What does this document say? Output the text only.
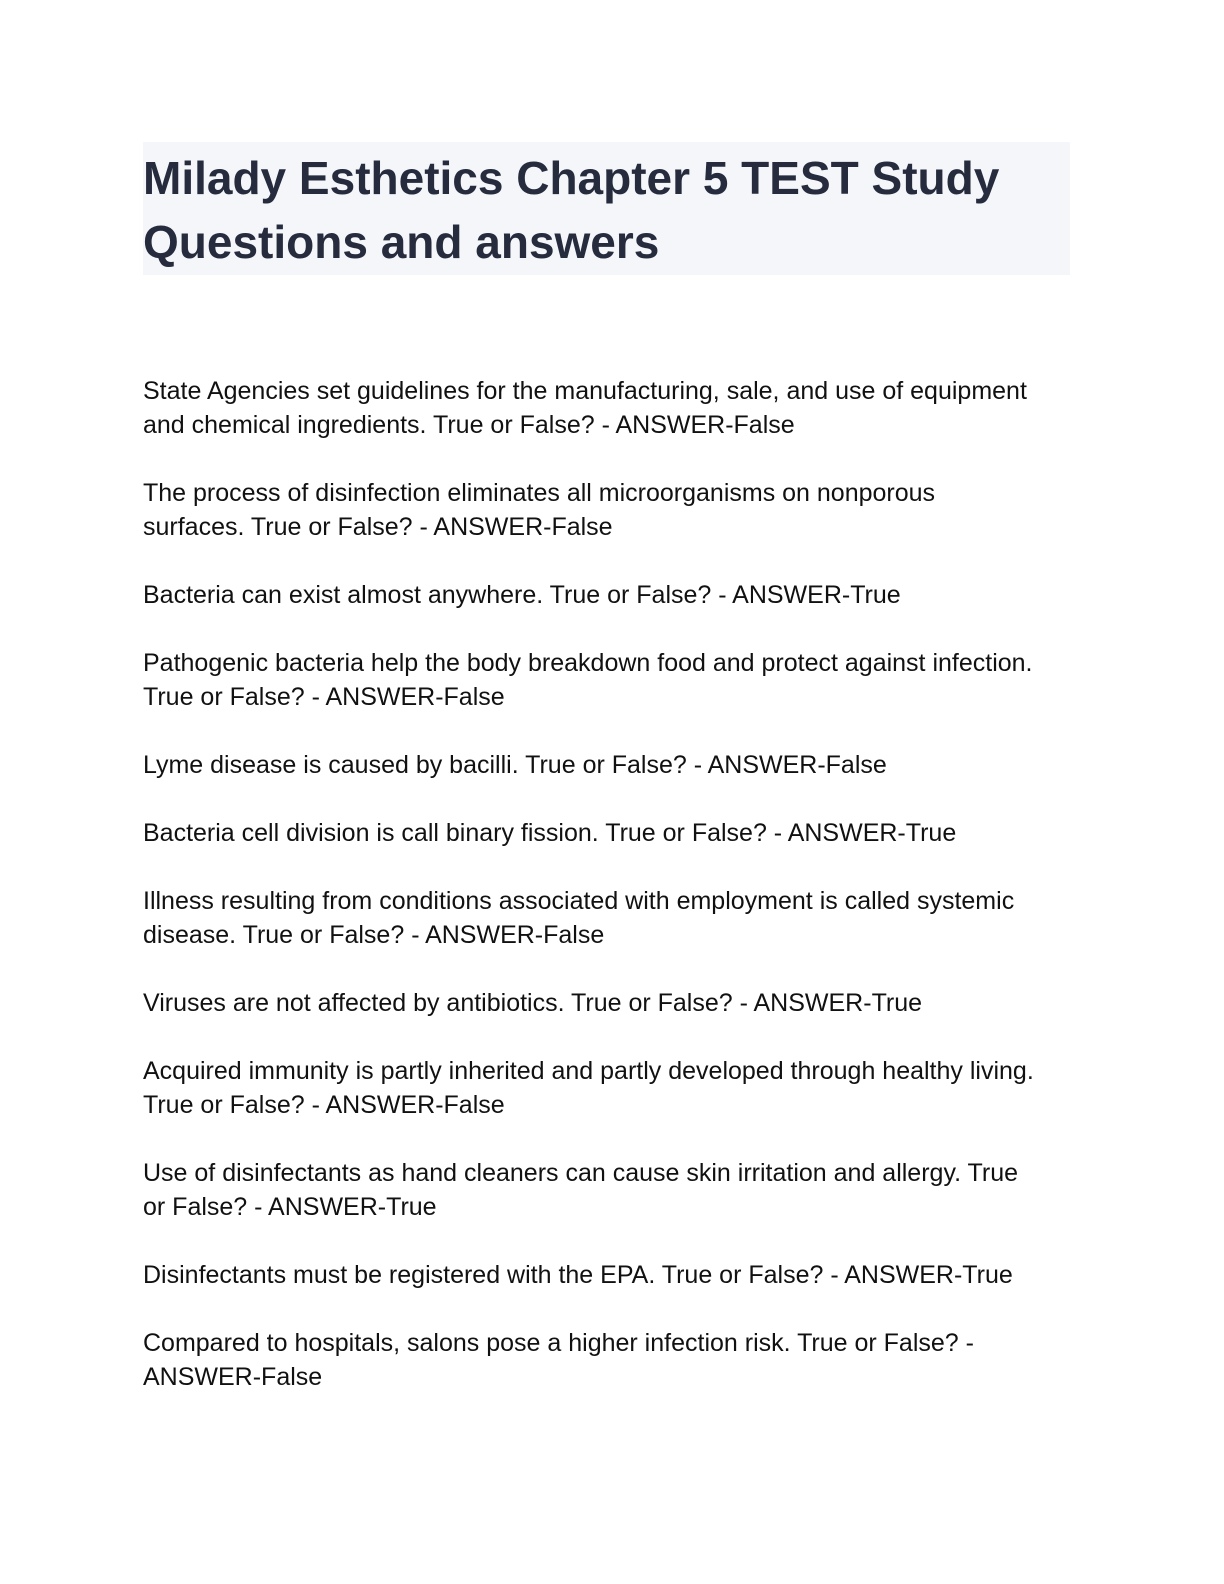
Milady Esthetics Chapter 5 TEST Study Questions and answers
State Agencies set guidelines for the manufacturing, sale, and use of equipment
and chemical ingredients. True or False? - ANSWER-False
The process of disinfection eliminates all microorganisms on nonporous
surfaces. True or False? - ANSWER-False
Bacteria can exist almost anywhere. True or False? - ANSWER-True
Pathogenic bacteria help the body breakdown food and protect against infection.
True or False? - ANSWER-False
Lyme disease is caused by bacilli. True or False? - ANSWER-False
Bacteria cell division is call binary fission. True or False? - ANSWER-True
Illness resulting from conditions associated with employment is called systemic
disease. True or False? - ANSWER-False
Viruses are not affected by antibiotics. True or False? - ANSWER-True
Acquired immunity is partly inherited and partly developed through healthy living.
True or False? - ANSWER-False
Use of disinfectants as hand cleaners can cause skin irritation and allergy. True
or False? - ANSWER-True
Disinfectants must be registered with the EPA. True or False? - ANSWER-True
Compared to hospitals, salons pose a higher infection risk. True or False? -
ANSWER-False
